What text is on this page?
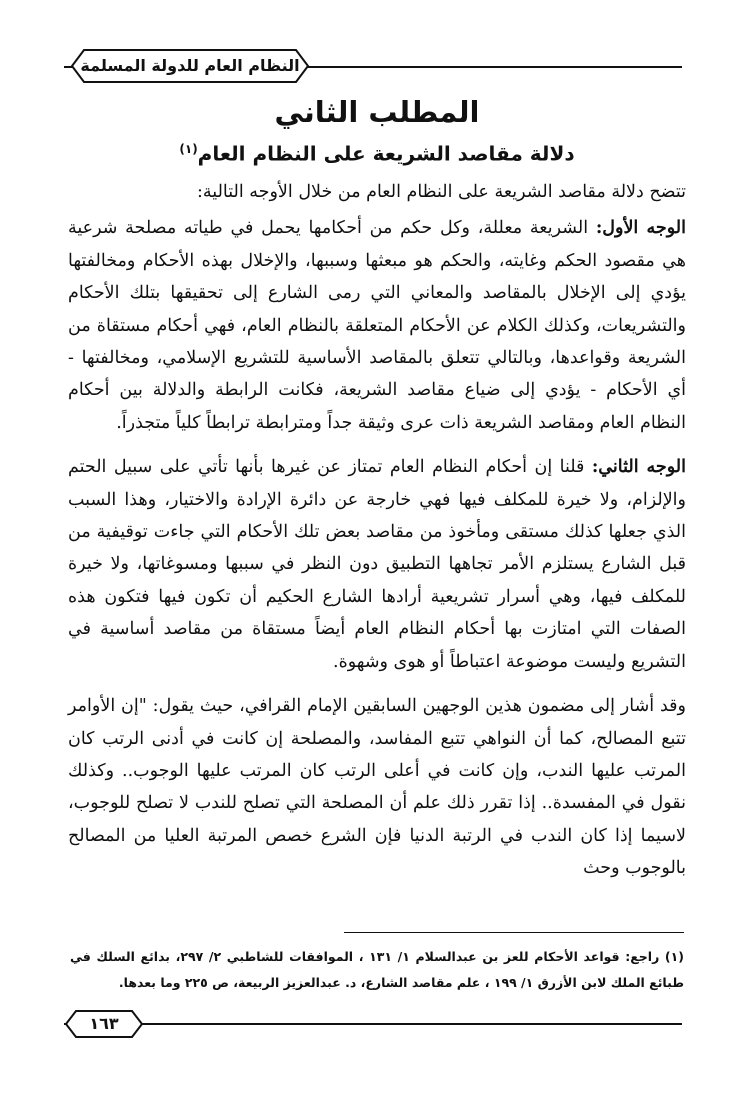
النظام العام للدولة المسلمة
المطلب الثاني
دلالة مقاصد الشريعة على النظام العام$^{(١)}$

تتضح دلالة مقاصد الشريعة على النظام العام من خلال الأوجه التالية:

الوجه الأول: الشريعة معللة، وكل حكم من أحكامها يحمل في طياته مصلحة شرعية هي مقصود الحكم وغايته، والحكم هو مبعثها وسببها، والإخلال بهذه الأحكام ومخالفتها يؤدي إلى الإخلال بالمقاصد والمعاني التي رمى الشارع إلى تحقيقها بتلك الأحكام والتشريعات، وكذلك الكلام عن الأحكام المتعلقة بالنظام العام، فهي أحكام مستقاة من الشريعة وقواعدها، وبالتالي تتعلق بالمقاصد الأساسية للتشريع الإسلامي، ومخالفتها - أي الأحكام - يؤدي إلى ضياع مقاصد الشريعة، فكانت الرابطة والدلالة بين أحكام النظام العام ومقاصد الشريعة ذات عرى وثيقة جداً ومترابطة ترابطاً كلياً متجذراً.

الوجه الثاني: قلنا إن أحكام النظام العام تمتاز عن غيرها بأنها تأتي على سبيل الحتم والإلزام، ولا خيرة للمكلف فيها فهي خارجة عن دائرة الإرادة والاختيار، وهذا السبب الذي جعلها كذلك مستقى ومأخوذ من مقاصد بعض تلك الأحكام التي جاءت توقيفية من قبل الشارع يستلزم الأمر تجاهها التطبيق دون النظر في سببها ومسوغاتها، ولا خيرة للمكلف فيها، وهي أسرار تشريعية أرادها الشارع الحكيم أن تكون فيها فتكون هذه الصفات التي امتازت بها أحكام النظام العام أيضاً مستقاة من مقاصد أساسية في التشريع وليست موضوعة اعتباطاً أو هوى وشهوة.

وقد أشار إلى مضمون هذين الوجهين السابقين الإمام القرافي، حيث يقول: "إن الأوامر تتبع المصالح، كما أن النواهي تتبع المفاسد، والمصلحة إن كانت في أدنى الرتب كان المرتب عليها الندب، وإن كانت في أعلى الرتب كان المرتب عليها الوجوب.. وكذلك نقول في المفسدة.. إذا تقرر ذلك علم أن المصلحة التي تصلح للندب لا تصلح للوجوب، لاسيما إذا كان الندب في الرتبة الدنيا فإن الشرع خصص المرتبة العليا من المصالح بالوجوب وحث

(١) راجع: قواعد الأحكام للعز بن عبدالسلام ١/ ١٣١ ، الموافقات للشاطبي ٢/ ٢٩٧، بدائع السلك في طبائع الملك لابن الأزرق ١/ ١٩٩ ، علم مقاصد الشارع، د. عبدالعزيز الربيعة، ص ٢٢٥ وما بعدها.
١٦٣
